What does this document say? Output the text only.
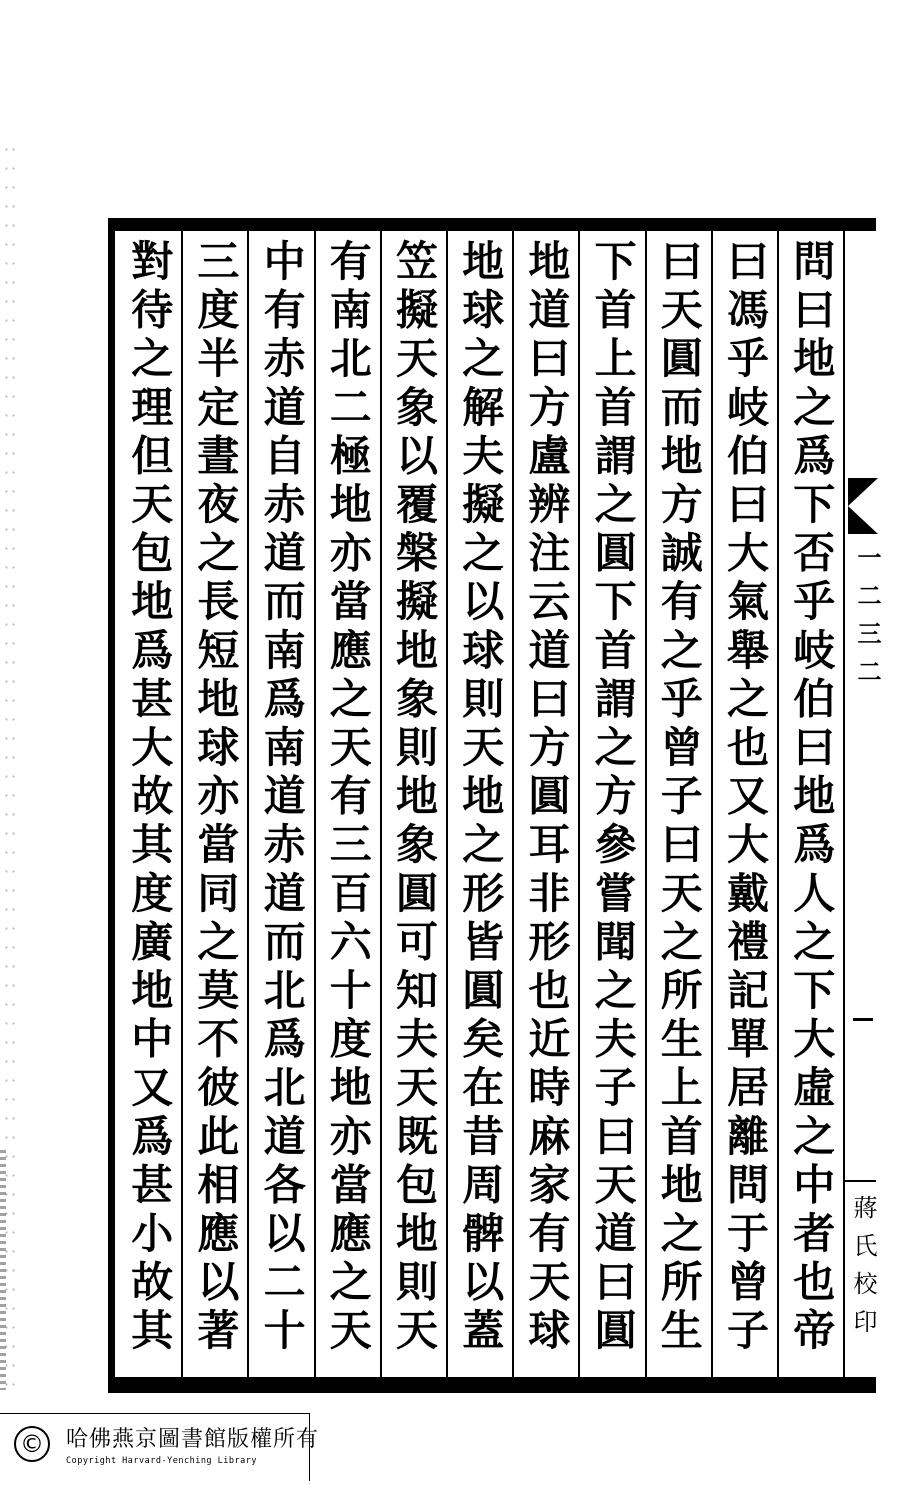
對待之理但天包地爲甚大故其度廣地中又爲甚小故其 三度半定晝夜之長短地球亦當同之莫不彼此相應以著 中有赤道自赤道而南爲南道赤道而北爲北道各以二十 有南北二極地亦當應之天有三百六十度地亦當應之天 笠擬天象以覆槃擬地象則地象圓可知夫天既包地則天 地球之解夫擬之以球則天地之形皆圓矣在昔周髀以蓋 地道曰方盧辨注云道曰方圓耳非形也近時麻家有天球 下首上首謂之圓下首謂之方參嘗聞之夫子曰天道曰圓 曰天圓而地方誠有之乎曾子曰天之所生上首地之所生 曰馮乎岐伯曰大氣舉之也又大戴禮記單居離問于曾子 問曰地之爲下否乎岐伯曰地爲人之下大虛之中者也帝 一二三二
蔣氏校印
© 哈佛燕京圖書館版權所有
Copyright Harvard-Yenching Library
